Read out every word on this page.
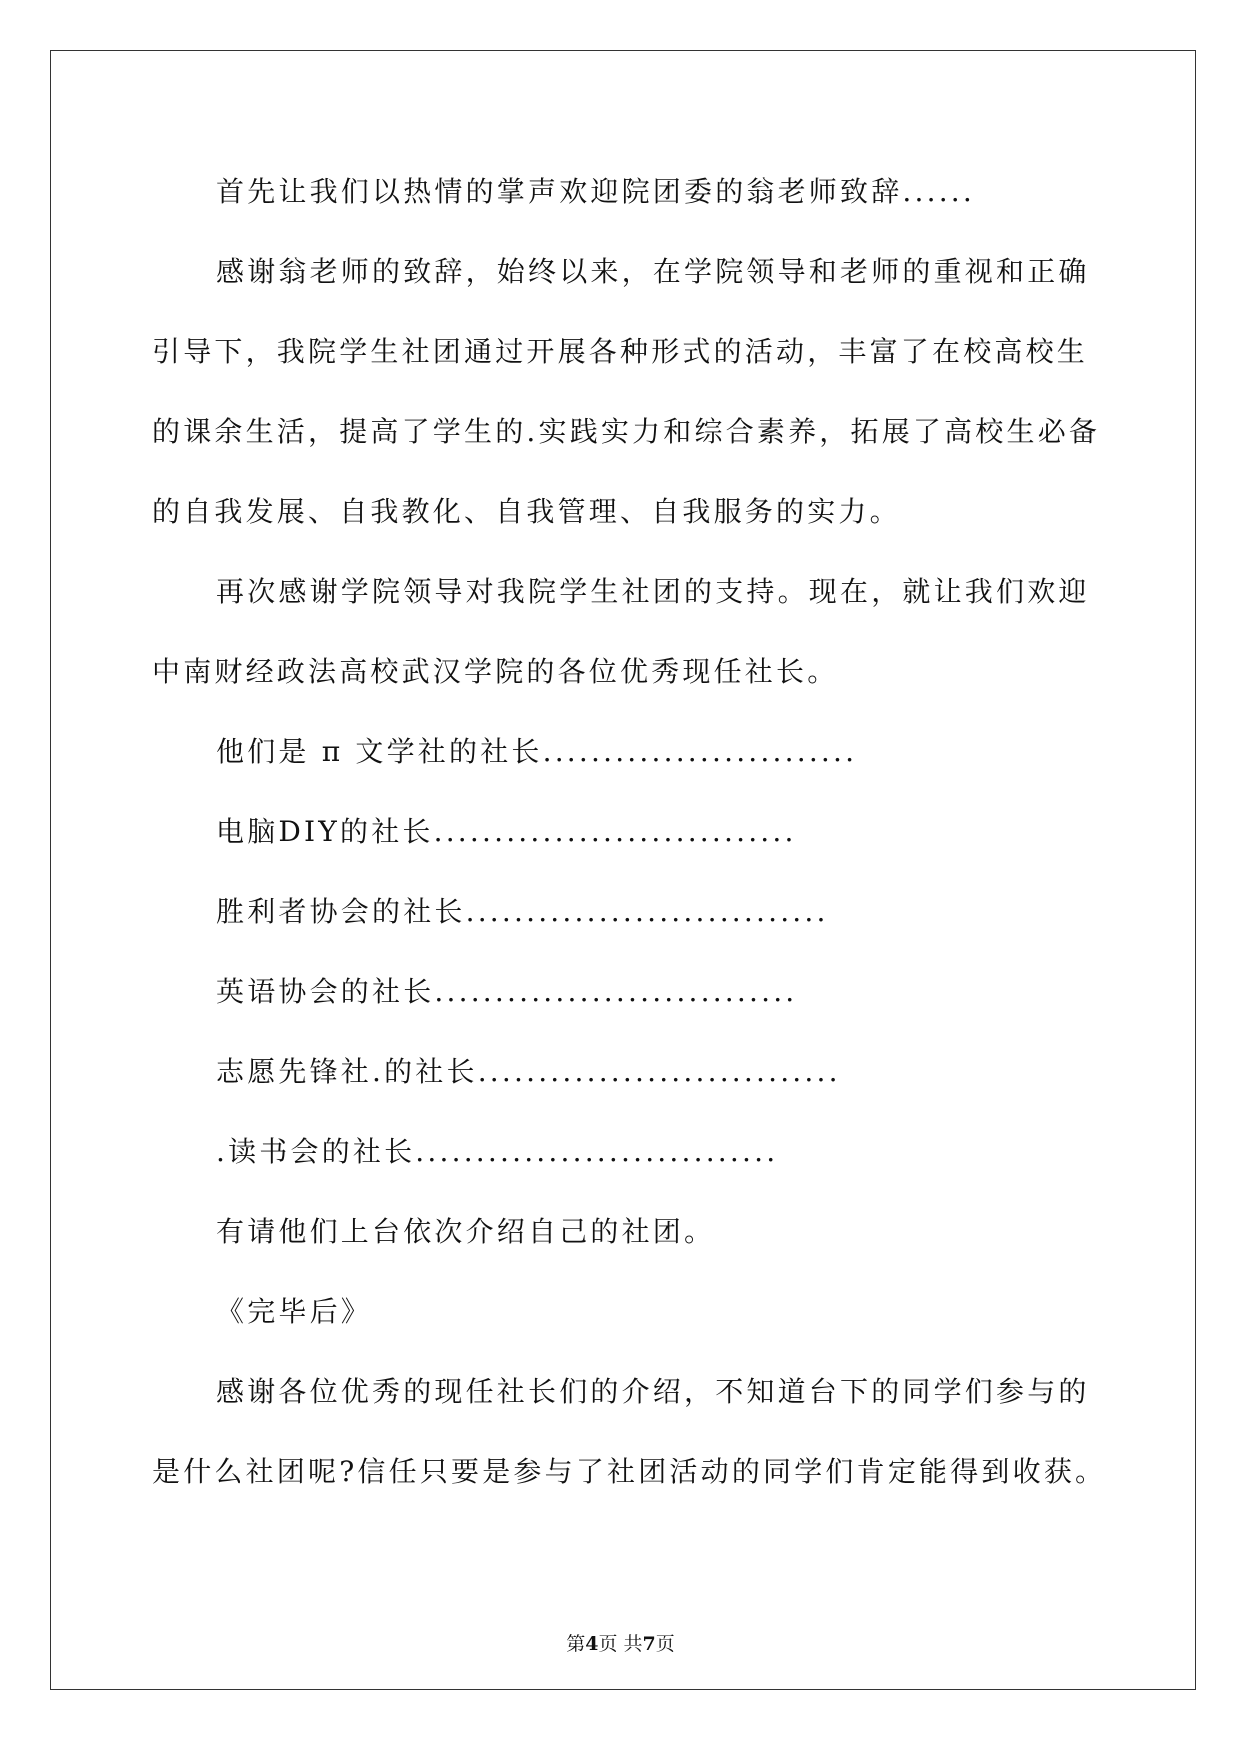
首先让我们以热情的掌声欢迎院团委的翁老师致辞......
感谢翁老师的致辞，始终以来，在学院领导和老师的重视和正确
引导下，我院学生社团通过开展各种形式的活动，丰富了在校高校生
的课余生活，提高了学生的.实践实力和综合素养，拓展了高校生必备
的自我发展、自我教化、自我管理、自我服务的实力。
再次感谢学院领导对我院学生社团的支持。现在，就让我们欢迎
中南财经政法高校武汉学院的各位优秀现任社长。
他们是 π 文学社的社长..........................
电脑DIY的社长..............................
胜利者协会的社长..............................
英语协会的社长..............................
志愿先锋社.的社长..............................
.读书会的社长..............................
有请他们上台依次介绍自己的社团。
《完毕后》
感谢各位优秀的现任社长们的介绍，不知道台下的同学们参与的
是什么社团呢?信任只要是参与了社团活动的同学们肯定能得到收获。
第4页 共7页
